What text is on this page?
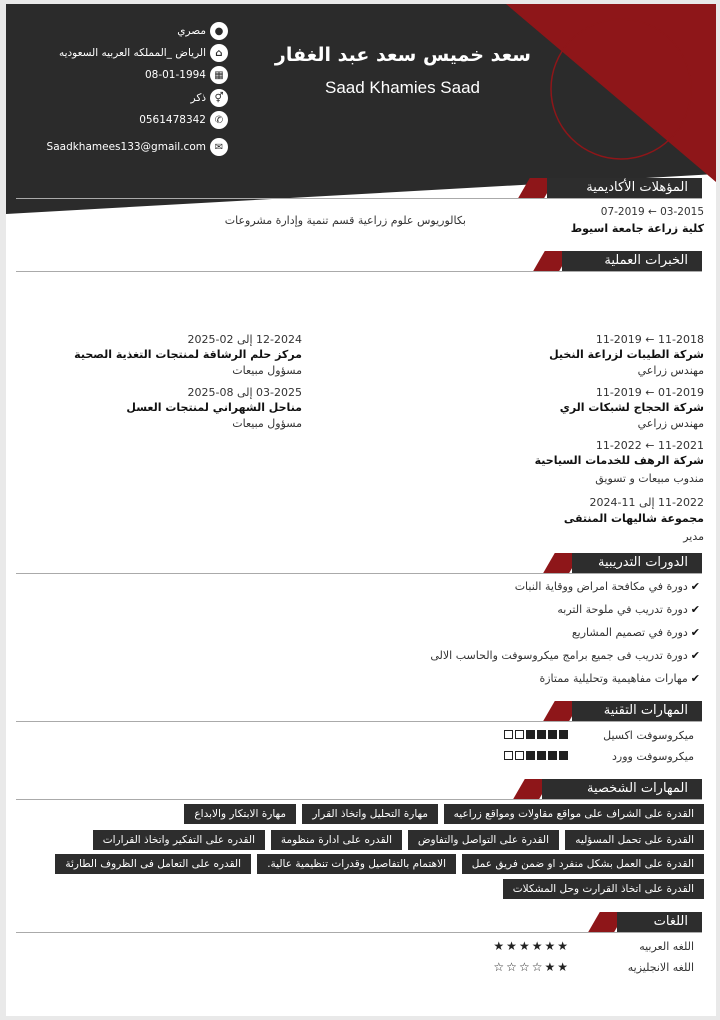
سعد خميس سعد عبد الغفار
Saad Khamies Saad
مصري ●
الرياض _المملكه العربيه السعوديه ⌂
08-01-1994 ▦
ذكر ⚥
0561478342 ✆
Saadkhamees133@gmail.com ✉
المؤهلات الأكاديمية
07-2019 ← 03-2015
كلية زراعة جامعة اسيوط
بكالوريوس علوم زراعية قسم تنمية وإدارة مشروعات
الخبرات العملية
11-2019 ← 11-2018
شركة الطيبات لزراعة النخيل
مهندس زراعي
11-2019 ← 01-2019
شركة الحجاج لشبكات الري
مهندس زراعي
11-2022 ← 11-2021
شركة الرهف للخدمات السياحية
مندوب مبيعات و تسويق
11-2022 إلى 11-2024
مجموعة شاليهات المنتقى
مدير
12-2024 إلى 02-2025
مركز حلم الرشاقة لمنتجات التغذية الصحية
مسؤول مبيعات
03-2025 إلى 08-2025
مناحل الشهراني لمنتجات العسل
مسؤول مبيعات
الدورات التدريبية
✔دورة في مكافحة امراض ووقاية النبات
✔دورة تدريب في ملوحة التربه
✔دورة في تصميم المشاريع
✔دورة تدريب فى جميع برامج ميكروسوفت والحاسب الالى
✔مهارات مفاهيمية وتحليلية ممتازة
المهارات التقنية
ميكروسوفت اكسيل
ميكروسوفت وورد
المهارات الشخصية
القدرة على الشراف على مواقع مقاولات ومواقع زراعيه
مهارة التحليل واتخاذ القرار
مهارة الابتكار والابداع
القدرة على تحمل المسؤليه
القدرة على التواصل والتفاوض
القدره على ادارة منظومة
القدره على التفكير واتخاذ القرارات
القدرة على العمل بشكل منفرد او ضمن فريق عمل
الاهتمام بالتفاصيل وقدرات تنظيمية عالية.
القدره على التعامل فى الظروف الطارئة
القدرة على اتخاذ القرارت وحل المشكلات
اللغات
اللغه العربيه
★
★
★
★
★
★
اللغه الانجليزيه
★
★
☆
☆
☆
☆
